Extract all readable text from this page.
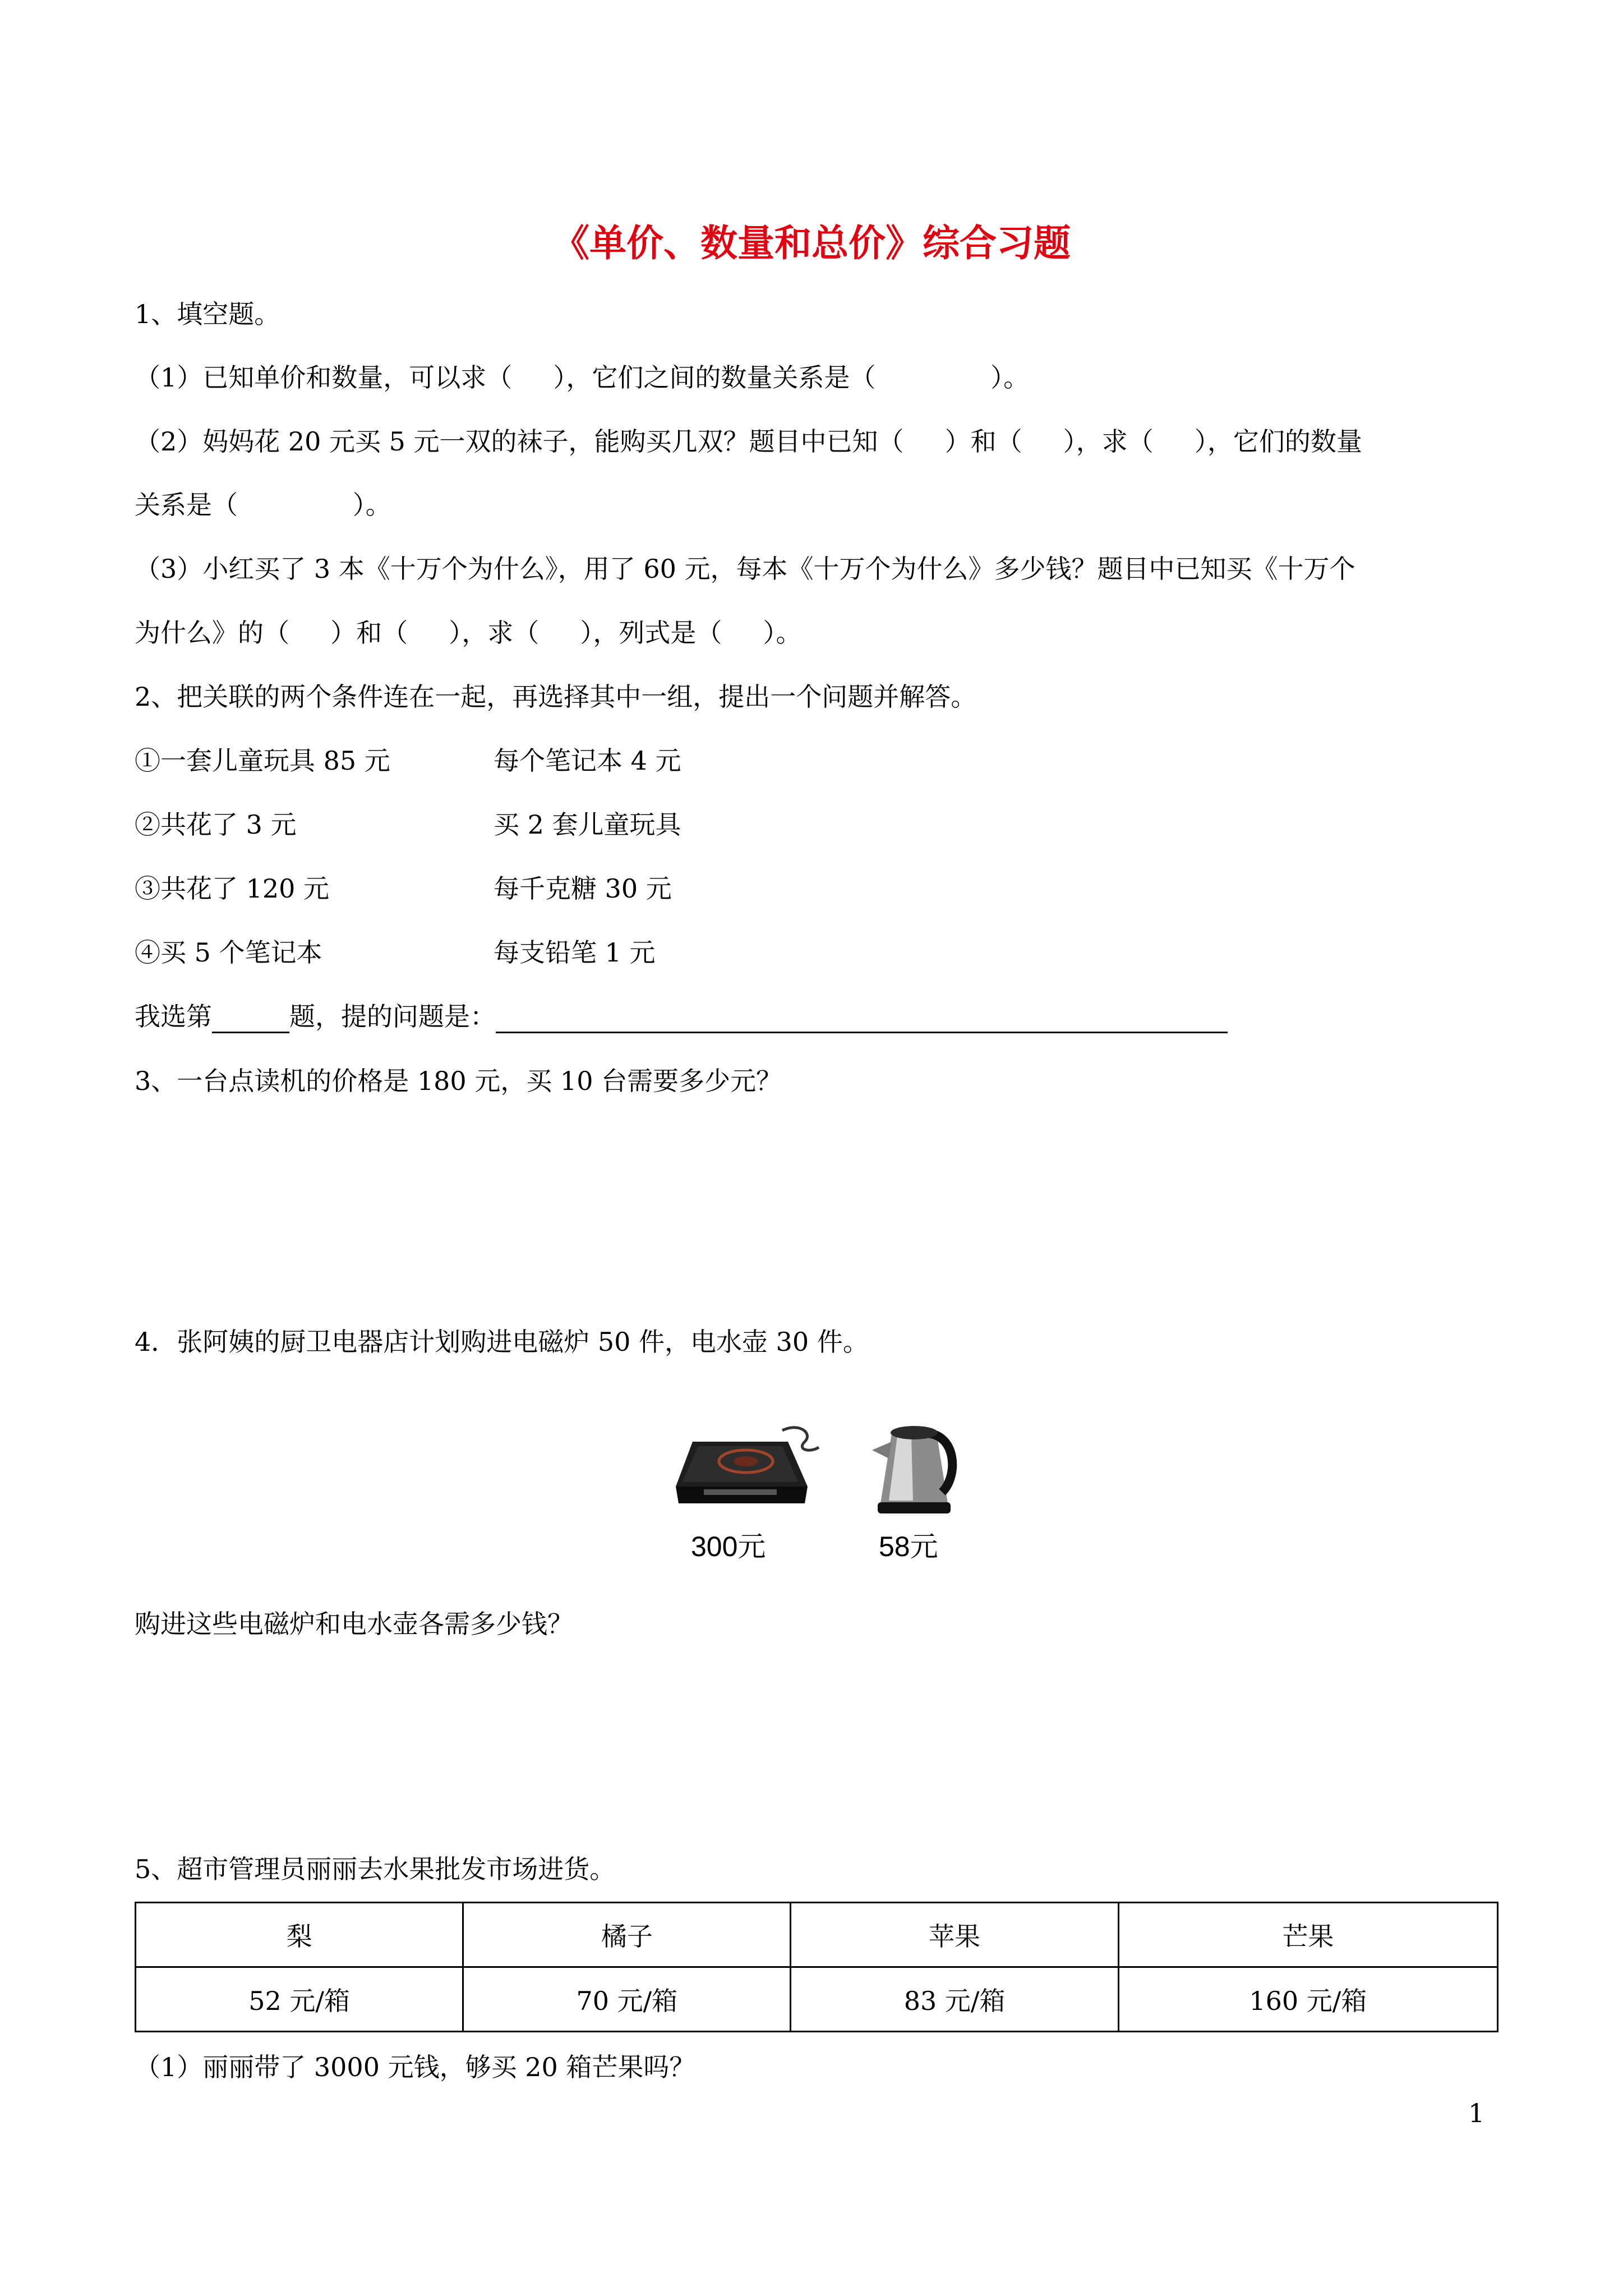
《单价、数量和总价》综合习题
1、填空题。
（1）已知单价和数量，可以求（     ），它们之间的数量关系是（              ）。
（2）妈妈花 20 元买 5 元一双的袜子，能购买几双？题目中已知（     ）和（     ），求（     ），它们的数量
关系是（              ）。
（3）小红买了 3 本《十万个为什么》，用了 60 元，每本《十万个为什么》多少钱？题目中已知买《十万个
为什么》的（     ）和（     ），求（     ），列式是（     ）。
2、把关联的两个条件连在一起，再选择其中一组，提出一个问题并解答。
①一套儿童玩具 85 元	每个笔记本 4 元
②共花了 3 元	买 2 套儿童玩具
③共花了 120 元	每千克糖 30 元
④买 5 个笔记本	每支铅笔 1 元
我选第	题，提的问题是：
3、一台点读机的价格是 180 元，买 10 台需要多少元？
4．张阿姨的厨卫电器店计划购进电磁炉 50 件，电水壶 30 件。
300元	58元
购进这些电磁炉和电水壶各需多少钱？
5、超市管理员丽丽去水果批发市场进货。
梨	橘子	苹果	芒果
52 元/箱	70 元/箱	83 元/箱	160 元/箱
（1）丽丽带了 3000 元钱，够买 20 箱芒果吗？
1
